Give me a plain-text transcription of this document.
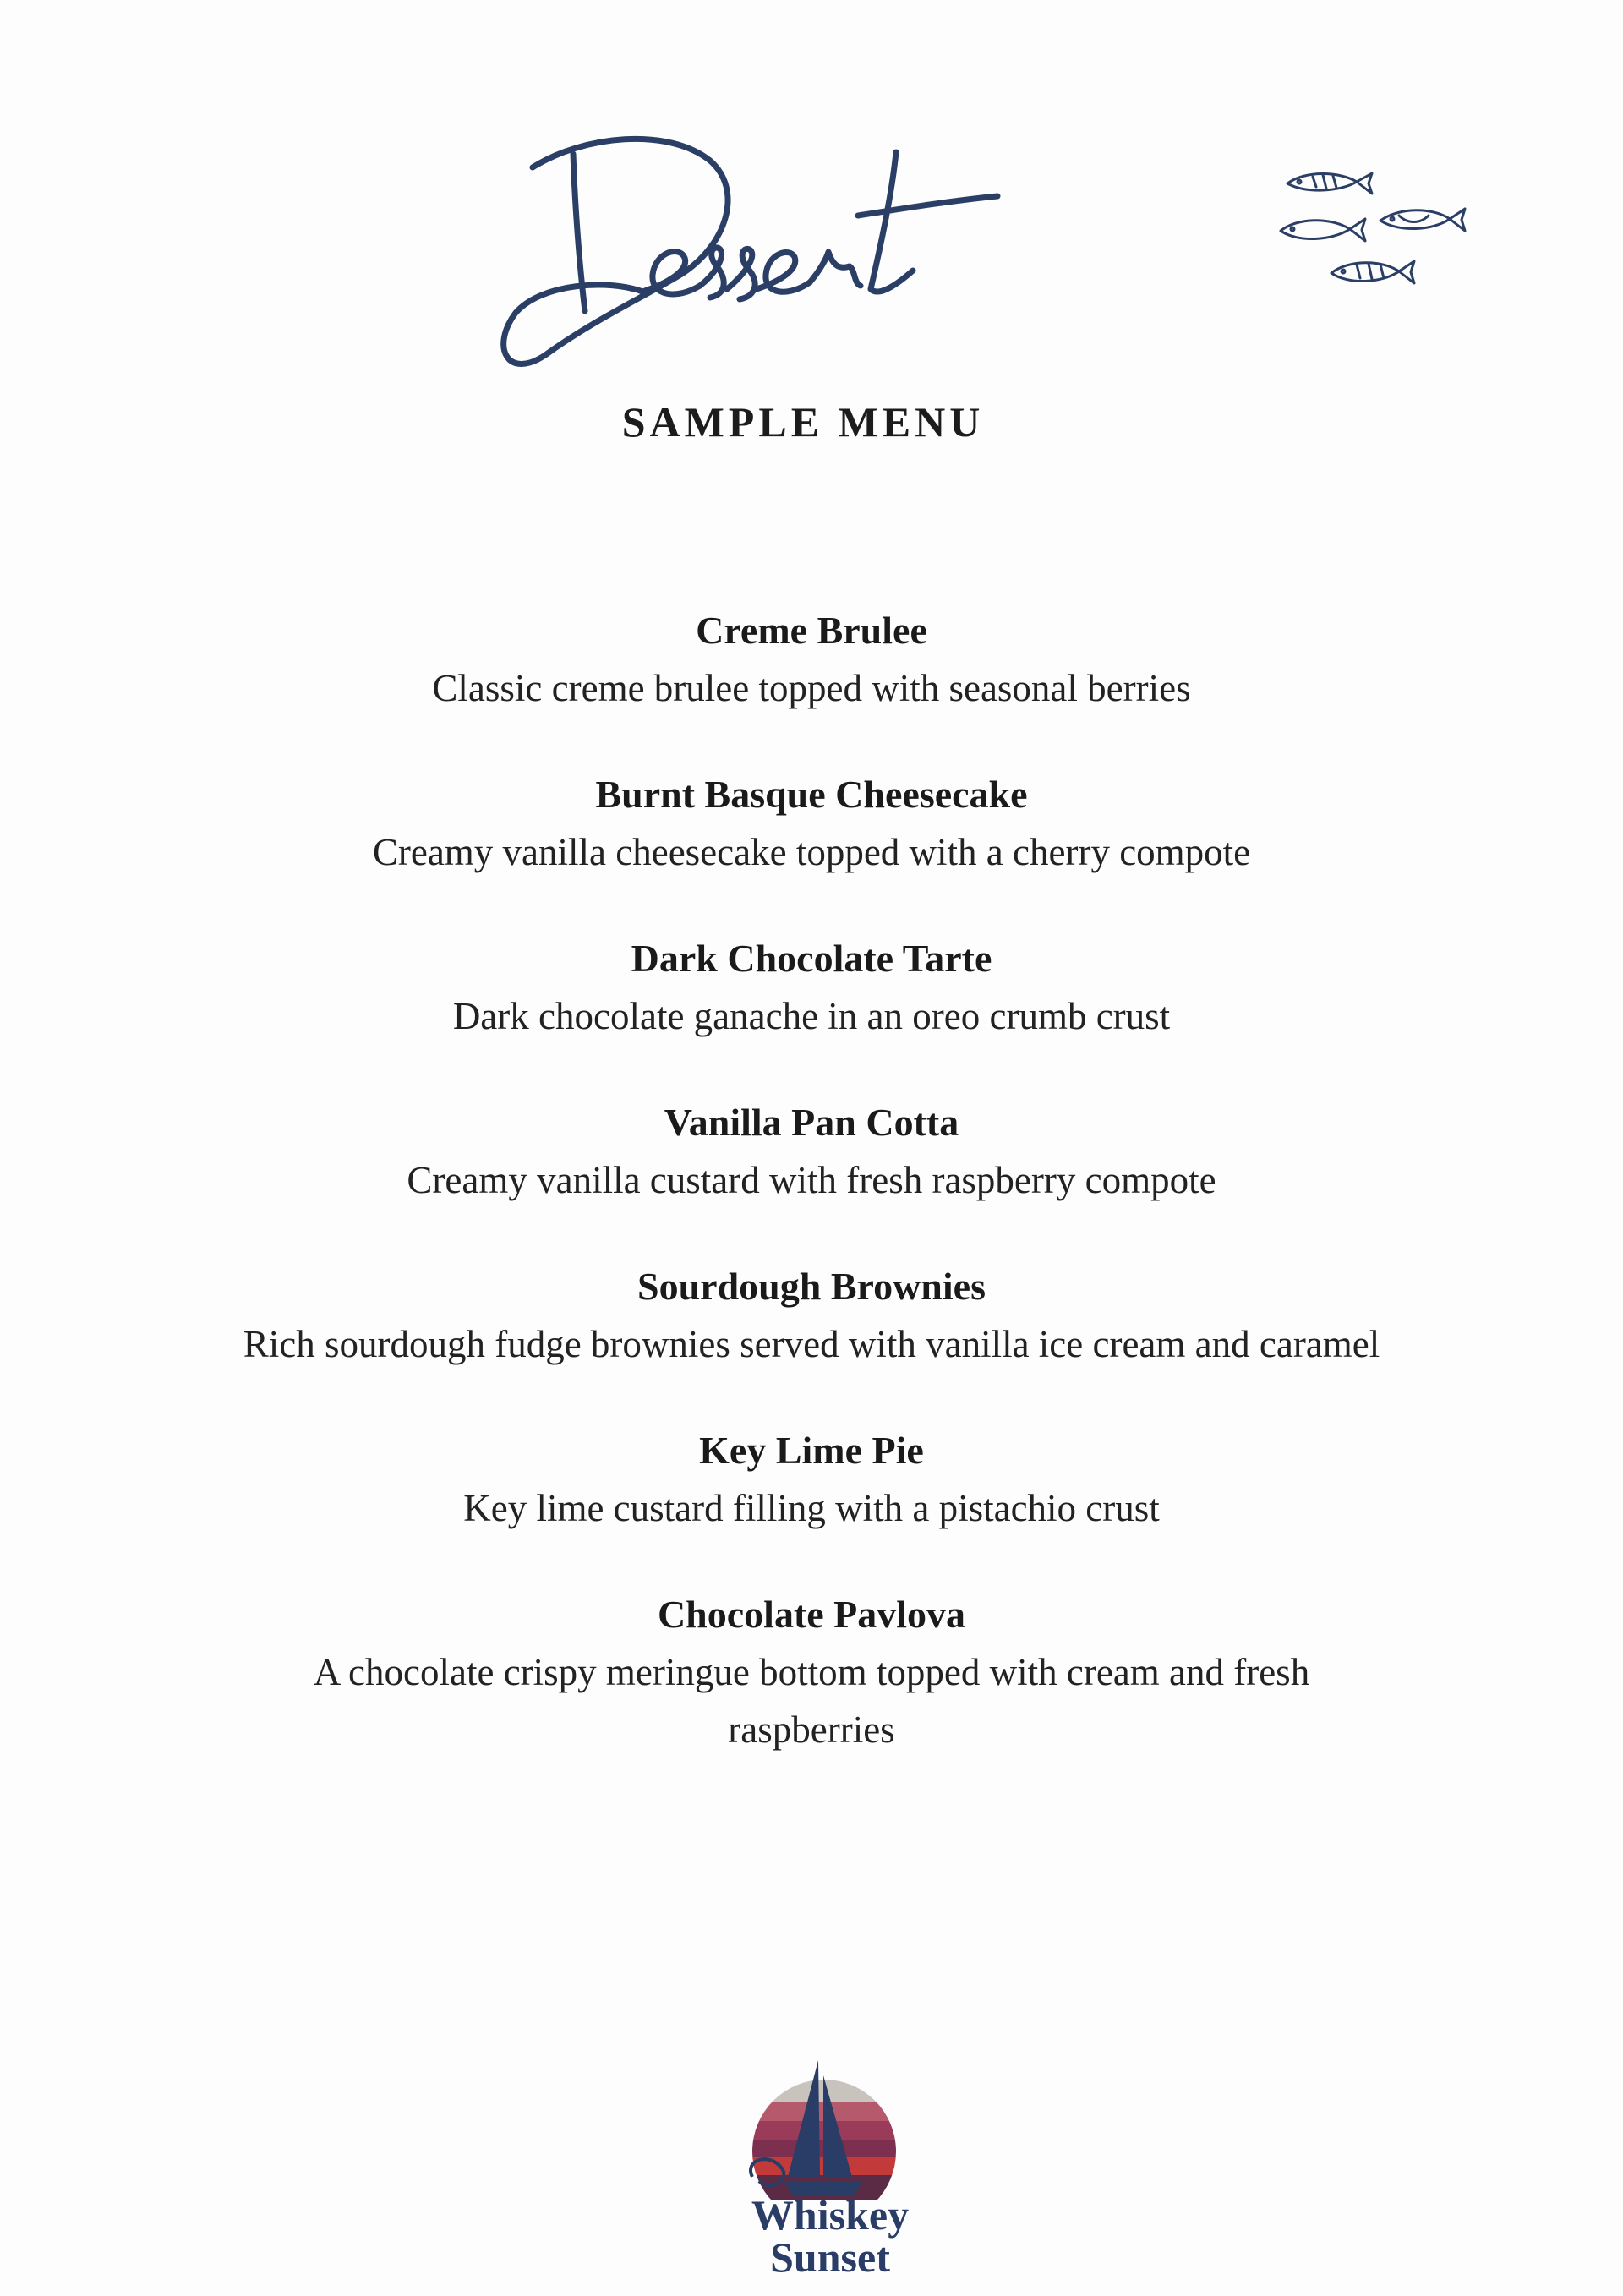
SAMPLE MENU
Creme Brulee
Classic creme brulee topped with seasonal berries
Burnt Basque Cheesecake
Creamy vanilla cheesecake topped with a cherry compote
Dark Chocolate Tarte
Dark chocolate ganache in an oreo crumb crust
Vanilla Pan Cotta
Creamy vanilla custard with fresh raspberry compote
Sourdough Brownies
Rich sourdough fudge brownies served with vanilla ice cream and caramel
Key Lime Pie
Key lime custard filling with a pistachio crust
Chocolate Pavlova
A chocolate crispy meringue bottom topped with cream and fresh raspberries
Whiskey
Sunset
